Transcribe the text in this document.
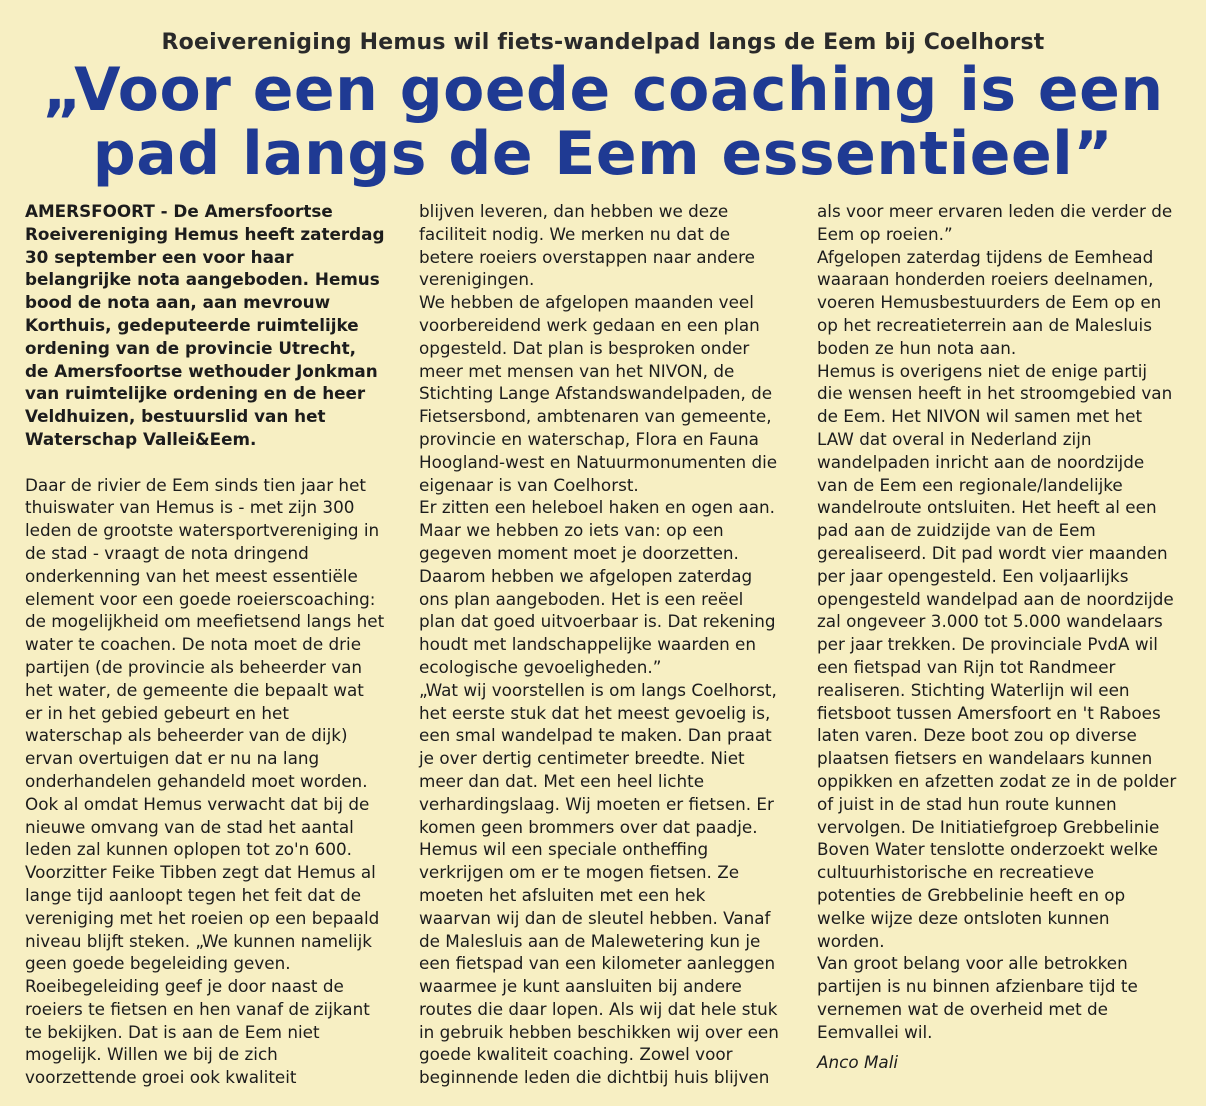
Roeivereniging Hemus wil fiets-wandelpad langs de Eem bij Coelhorst
„Voor een goede coaching is een
pad langs de Eem essentieel”

AMERSFOORT - De Amersfoortse Roeivereniging Hemus heeft zaterdag 30 september een voor haar belangrijke nota aangeboden. Hemus bood de nota aan, aan mevrouw Korthuis, gedeputeerde ruimtelijke ordening van de provincie Utrecht, de Amersfoortse wethouder Jonkman van ruimtelijke ordening en de heer Veldhuizen, bestuurslid van het Waterschap Vallei&Eem.

Daar de rivier de Eem sinds tien jaar het thuiswater van Hemus is - met zijn 300 leden de grootste watersportvereniging in de stad - vraagt de nota dringend onderkenning van het meest essentiële element voor een goede roeierscoaching: de mogelijkheid om meefietsend langs het water te coachen. De nota moet de drie partijen (de provincie als beheerder van het water, de gemeente die bepaalt wat er in het gebied gebeurt en het waterschap als beheerder van de dijk) ervan overtuigen dat er nu na lang onderhandelen gehandeld moet worden.

Ook al omdat Hemus verwacht dat bij de nieuwe omvang van de stad het aantal leden zal kunnen oplopen tot zo'n 600.

Voorzitter Feike Tibben zegt dat Hemus al lange tijd aanloopt tegen het feit dat de vereniging met het roeien op een bepaald niveau blijft steken. „We kunnen namelijk geen goede begeleiding geven. Roeibegeleiding geef je door naast de roeiers te fietsen en hen vanaf de zijkant te bekijken. Dat is aan de Eem niet mogelijk. Willen we bij de zich voorzettende groei ook kwaliteit

blijven leveren, dan hebben we deze faciliteit nodig. We merken nu dat de betere roeiers overstappen naar andere verenigingen.

We hebben de afgelopen maanden veel voorbereidend werk gedaan en een plan opgesteld. Dat plan is besproken onder meer met mensen van het NIVON, de Stichting Lange Afstandswandelpaden, de Fietsersbond, ambtenaren van gemeente, provincie en waterschap, Flora en Fauna Hoogland-west en Natuurmonumenten die eigenaar is van Coelhorst.

Er zitten een heleboel haken en ogen aan. Maar we hebben zo iets van: op een gegeven moment moet je doorzetten.

Daarom hebben we afgelopen zaterdag ons plan aangeboden. Het is een reëel plan dat goed uitvoerbaar is. Dat rekening houdt met landschappelijke waarden en ecologische gevoeligheden.”

„Wat wij voorstellen is om langs Coelhorst, het eerste stuk dat het meest gevoelig is, een smal wandelpad te maken. Dan praat je over dertig centimeter breedte. Niet meer dan dat. Met een heel lichte verhardingslaag. Wij moeten er fietsen. Er komen geen brommers over dat paadje. Hemus wil een speciale ontheffing verkrijgen om er te mogen fietsen. Ze moeten het afsluiten met een hek waarvan wij dan de sleutel hebben. Vanaf de Malesluis aan de Malewetering kun je een fietspad van een kilometer aanleggen waarmee je kunt aansluiten bij andere routes die daar lopen. Als wij dat hele stuk in gebruik hebben beschikken wij over een goede kwaliteit coaching. Zowel voor beginnende leden die dichtbij huis blijven

als voor meer ervaren leden die verder de Eem op roeien.”

Afgelopen zaterdag tijdens de Eemhead waaraan honderden roeiers deelnamen, voeren Hemusbestuurders de Eem op en op het recreatieterrein aan de Malesluis boden ze hun nota aan.

Hemus is overigens niet de enige partij die wensen heeft in het stroomgebied van de Eem. Het NIVON wil samen met het LAW dat overal in Nederland zijn wandelpaden inricht aan de noordzijde van de Eem een regionale/landelijke wandelroute ontsluiten. Het heeft al een pad aan de zuidzijde van de Eem gerealiseerd. Dit pad wordt vier maanden per jaar opengesteld. Een voljaarlijks opengesteld wandelpad aan de noordzijde zal ongeveer 3.000 tot 5.000 wandelaars per jaar trekken. De provinciale PvdA wil een fietspad van Rijn tot Randmeer realiseren. Stichting Waterlijn wil een fietsboot tussen Amersfoort en 't Raboes laten varen. Deze boot zou op diverse plaatsen fietsers en wandelaars kunnen oppikken en afzetten zodat ze in de polder of juist in de stad hun route kunnen vervolgen. De Initiatiefgroep Grebbelinie Boven Water tenslotte onderzoekt welke cultuurhistorische en recreatieve potenties de Grebbelinie heeft en op welke wijze deze ontsloten kunnen worden.

Van groot belang voor alle betrokken partijen is nu binnen afzienbare tijd te vernemen wat de overheid met de Eemvallei wil.

Anco Mali
